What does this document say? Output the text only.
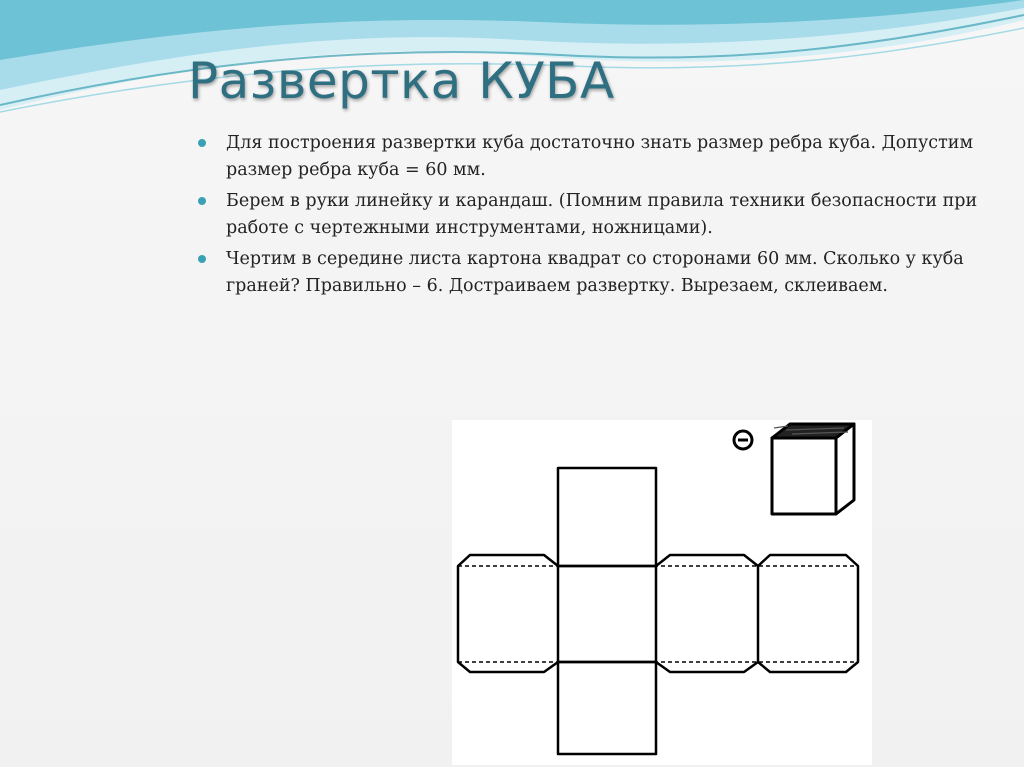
Развертка КУБА
Для построения развертки куба достаточно знать размер ребра куба. Допустим размер ребра куба = 60 мм.
Берем в руки линейку и карандаш. (Помним правила техники безопасности при работе с чертежными инструментами, ножницами).
Чертим в середине листа картона квадрат со сторонами 60 мм. Сколько у куба граней? Правильно – 6. Достраиваем развертку. Вырезаем, склеиваем.
